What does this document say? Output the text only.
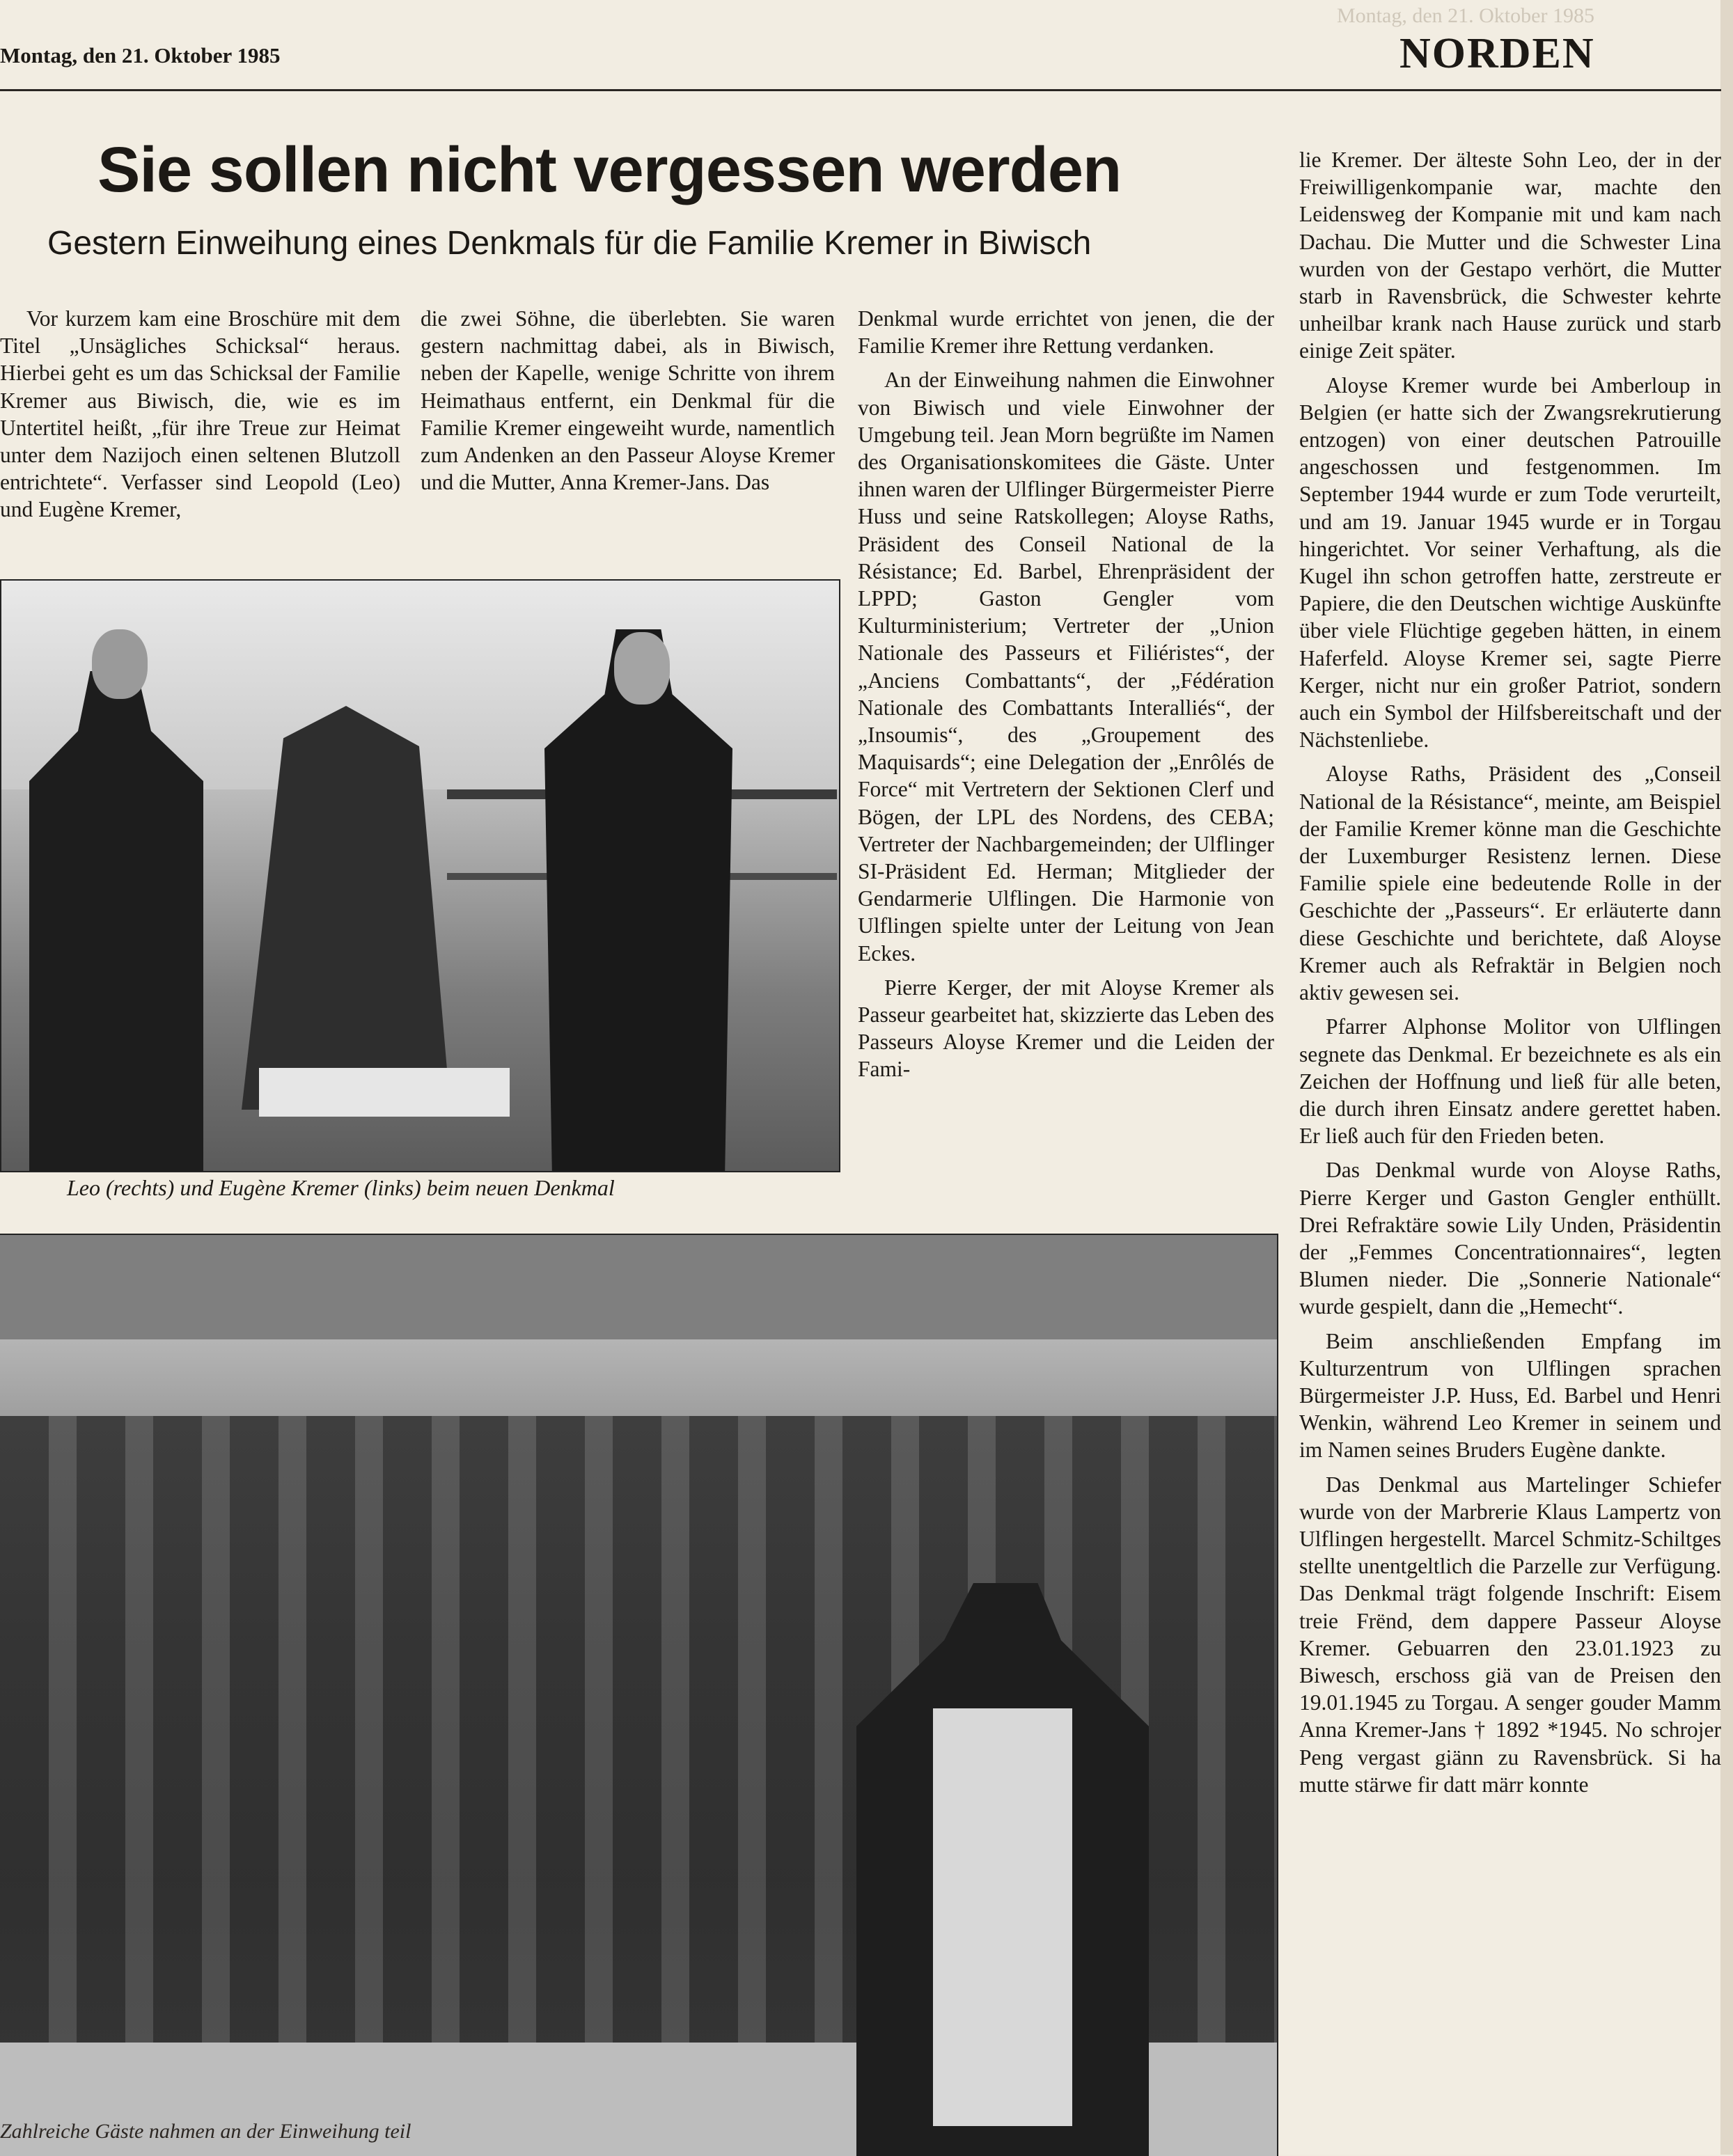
Montag, den 21. Oktober 1985
Montag, den 21. Oktober 1985	NORDEN
Sie sollen nicht vergessen werden
Gestern Einweihung eines Denkmals für die Familie Kremer in Biwisch

Vor kurzem kam eine Broschüre mit dem Titel „Unsägliches Schicksal“ heraus. Hierbei geht es um das Schicksal der Familie Kremer aus Biwisch, die, wie es im Untertitel heißt, „für ihre Treue zur Heimat unter dem Nazijoch einen seltenen Blutzoll entrichtete“. Verfasser sind Leopold (Leo) und Eugène Kremer,

die zwei Söhne, die überlebten. Sie waren gestern nachmittag dabei, als in Biwisch, neben der Kapelle, wenige Schritte von ihrem Heimathaus entfernt, ein Denkmal für die Familie Kremer eingeweiht wurde, namentlich zum Andenken an den Passeur Aloyse Kremer und die Mutter, Anna Kremer-Jans. Das

Denkmal wurde errichtet von jenen, die der Familie Kremer ihre Rettung verdanken.

An der Einweihung nahmen die Einwohner von Biwisch und viele Einwohner der Umgebung teil. Jean Morn begrüßte im Namen des Organisationskomitees die Gäste. Unter ihnen waren der Ulflinger Bürgermeister Pierre Huss und seine Ratskollegen; Aloyse Raths, Präsident des Conseil National de la Résistance; Ed. Barbel, Ehrenpräsident der LPPD; Gaston Gengler vom Kulturministerium; Vertreter der „Union Nationale des Passeurs et Filiéristes“, der „Anciens Combattants“, der „Fédération Nationale des Combattants Interalliés“, der „Insoumis“, des „Groupement des Maquisards“; eine Delegation der „Enrôlés de Force“ mit Vertretern der Sektionen Clerf und Bögen, der LPL des Nordens, des CEBA; Vertreter der Nachbargemeinden; der Ulflinger SI-Präsident Ed. Herman; Mitglieder der Gendarmerie Ulflingen. Die Harmonie von Ulflingen spielte unter der Leitung von Jean Eckes.

Pierre Kerger, der mit Aloyse Kremer als Passeur gearbeitet hat, skizzierte das Leben des Passeurs Aloyse Kremer und die Leiden der Fami-

lie Kremer. Der älteste Sohn Leo, der in der Freiwilligenkompanie war, machte den Leidensweg der Kompanie mit und kam nach Dachau. Die Mutter und die Schwester Lina wurden von der Gestapo verhört, die Mutter starb in Ravensbrück, die Schwester kehrte unheilbar krank nach Hause zurück und starb einige Zeit später.

Aloyse Kremer wurde bei Amberloup in Belgien (er hatte sich der Zwangsrekrutierung entzogen) von einer deutschen Patrouille angeschossen und festgenommen. Im September 1944 wurde er zum Tode verurteilt, und am 19. Januar 1945 wurde er in Torgau hingerichtet. Vor seiner Verhaftung, als die Kugel ihn schon getroffen hatte, zerstreute er Papiere, die den Deutschen wichtige Auskünfte über viele Flüchtige gegeben hätten, in einem Haferfeld. Aloyse Kremer sei, sagte Pierre Kerger, nicht nur ein großer Patriot, sondern auch ein Symbol der Hilfsbereitschaft und der Nächstenliebe.

Aloyse Raths, Präsident des „Conseil National de la Résistance“, meinte, am Beispiel der Familie Kremer könne man die Geschichte der Luxemburger Resistenz lernen. Diese Familie spiele eine bedeutende Rolle in der Geschichte der „Passeurs“. Er erläuterte dann diese Geschichte und berichtete, daß Aloyse Kremer auch als Refraktär in Belgien noch aktiv gewesen sei.

Pfarrer Alphonse Molitor von Ulflingen segnete das Denkmal. Er bezeichnete es als ein Zeichen der Hoffnung und ließ für alle beten, die durch ihren Einsatz andere gerettet haben. Er ließ auch für den Frieden beten.

Das Denkmal wurde von Aloyse Raths, Pierre Kerger und Gaston Gengler enthüllt. Drei Refraktäre sowie Lily Unden, Präsidentin der „Femmes Concentrationnaires“, legten Blumen nieder. Die „Sonnerie Nationale“ wurde gespielt, dann die „Hemecht“.

Beim anschließenden Empfang im Kulturzentrum von Ulflingen sprachen Bürgermeister J.P. Huss, Ed. Barbel und Henri Wenkin, während Leo Kremer in seinem und im Namen seines Bruders Eugène dankte.

Das Denkmal aus Martelinger Schiefer wurde von der Marbrerie Klaus Lampertz von Ulflingen hergestellt. Marcel Schmitz-Schiltges stellte unentgeltlich die Parzelle zur Verfügung. Das Denkmal trägt folgende Inschrift: Eisem treie Frënd, dem dappere Passeur Aloyse Kremer. Gebuarren den 23.01.1923 zu Biwesch, erschoss giä van de Preisen den 19.01.1945 zu Torgau. A senger gouder Mamm Anna Kremer-Jans † 1892 *1945. No schrojer Peng vergast giänn zu Ravensbrück. Si ha mutte stärwe fir datt märr konnte

Leo (rechts) und Eugène Kremer (links) beim neuen Denkmal
Zahlreiche Gäste nahmen an der Einweihung teil
